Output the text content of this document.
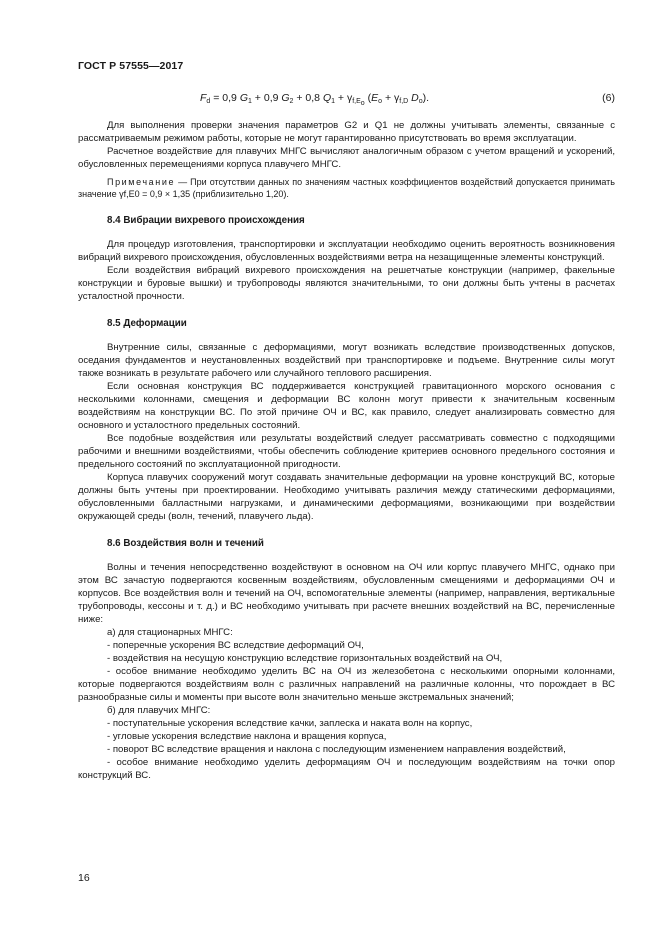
ГОСТ Р 57555—2017
$F_d = 0,9$ $G_1 + 0,9$ $G_2 + 0,8$ $Q_1 + \gamma_{f,E_o}$ ($E_o + \gamma_{f,D}$ $D_o$).	(6)

Для выполнения проверки значения параметров G2 и Q1 не должны учитывать элементы, связанные с рассматриваемым режимом работы, которые не могут гарантированно присутствовать во время эксплуатации.

Расчетное воздействие для плавучих МНГС вычисляют аналогичным образом с учетом вращений и ускорений, обусловленных перемещениями корпуса плавучего МНГС.

Примечание — При отсутствии данных по значениям частных коэффициентов воздействий допускается принимать значение γf,E0 = 0,9 × 1,35 (приблизительно 1,20).

8.4 Вибрации вихревого происхождения

Для процедур изготовления, транспортировки и эксплуатации необходимо оценить вероятность возникновения вибраций вихревого происхождения, обусловленных воздействиями ветра на незащищенные элементы конструкций.

Если воздействия вибраций вихревого происхождения на решетчатые конструкции (например, факельные конструкции и буровые вышки) и трубопроводы являются значительными, то они должны быть учтены в расчетах усталостной прочности.

8.5 Деформации

Внутренние силы, связанные с деформациями, могут возникать вследствие производственных допусков, оседания фундаментов и неустановленных воздействий при транспортировке и подъеме. Внутренние силы могут также возникать в результате рабочего или случайного теплового расширения.

Если основная конструкция ВС поддерживается конструкцией гравитационного морского основания с несколькими колоннами, смещения и деформации ВС колонн могут привести к значительным косвенным воздействиям на конструкции ВС. По этой причине ОЧ и ВС, как правило, следует анализировать совместно для основного и усталостного предельных состояний.

Все подобные воздействия или результаты воздействий следует рассматривать совместно с подходящими рабочими и внешними воздействиями, чтобы обеспечить соблюдение критериев основного предельного состояния и предельного состояний по эксплуатационной пригодности.

Корпуса плавучих сооружений могут создавать значительные деформации на уровне конструкций ВС, которые должны быть учтены при проектировании. Необходимо учитывать различия между статическими деформациями, обусловленными балластными нагрузками, и динамическими деформациями, возникающими при воздействии окружающей среды (волн, течений, плавучего льда).

8.6 Воздействия волн и течений

Волны и течения непосредственно воздействуют в основном на ОЧ или корпус плавучего МНГС, однако при этом ВС зачастую подвергаются косвенным воздействиям, обусловленным смещениями и деформациями ОЧ и корпусов. Все воздействия волн и течений на ОЧ, вспомогательные элементы (например, направления, вертикальные трубопроводы, кессоны и т. д.) и ВС необходимо учитывать при расчете внешних воздействий на ВС, перечисленные ниже:

а) для стационарных МНГС:

- поперечные ускорения ВС вследствие деформаций ОЧ,

- воздействия на несущую конструкцию вследствие горизонтальных воздействий на ОЧ,

- особое внимание необходимо уделить ВС на ОЧ из железобетона с несколькими опорными колоннами, которые подвергаются воздействиям волн с различных направлений на различные колонны, что порождает в ВС разнообразные силы и моменты при высоте волн значительно меньше экстремальных значений;

б) для плавучих МНГС:

- поступательные ускорения вследствие качки, заплеска и наката волн на корпус,

- угловые ускорения вследствие наклона и вращения корпуса,

- поворот ВС вследствие вращения и наклона с последующим изменением направления воздействий,

- особое внимание необходимо уделить деформациям ОЧ и последующим воздействиям на точки опор конструкций ВС.

16
